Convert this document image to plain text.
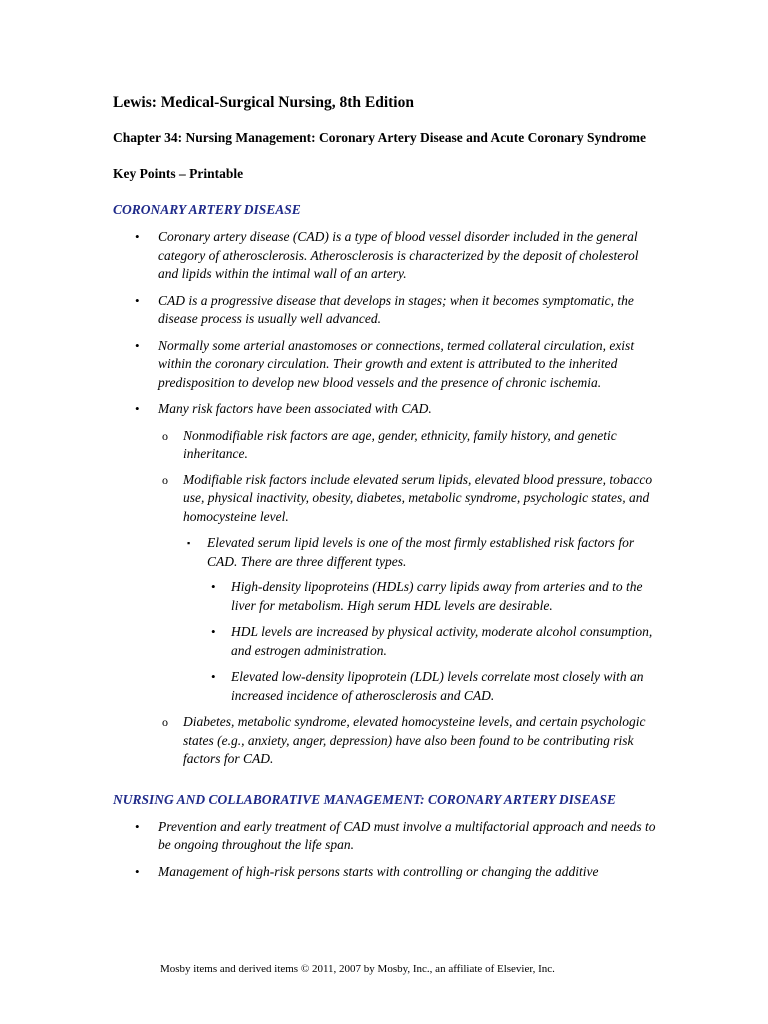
Lewis: Medical-Surgical Nursing, 8th Edition
Chapter 34: Nursing Management: Coronary Artery Disease and Acute Coronary Syndrome
Key Points – Printable
CORONARY ARTERY DISEASE
• Coronary artery disease (CAD) is a type of blood vessel disorder included in the general category of atherosclerosis. Atherosclerosis is characterized by the deposit of cholesterol and lipids within the intimal wall of an artery.
• CAD is a progressive disease that develops in stages; when it becomes symptomatic, the disease process is usually well advanced.
• Normally some arterial anastomoses or connections, termed collateral circulation, exist within the coronary circulation. Their growth and extent is attributed to the inherited predisposition to develop new blood vessels and the presence of chronic ischemia.
• Many risk factors have been associated with CAD.
o Nonmodifiable risk factors are age, gender, ethnicity, family history, and genetic inheritance.
o Modifiable risk factors include elevated serum lipids, elevated blood pressure, tobacco use, physical inactivity, obesity, diabetes, metabolic syndrome, psychologic states, and homocysteine level.
▪ Elevated serum lipid levels is one of the most firmly established risk factors for CAD. There are three different types.
• High-density lipoproteins (HDLs) carry lipids away from arteries and to the liver for metabolism. High serum HDL levels are desirable.
• HDL levels are increased by physical activity, moderate alcohol consumption, and estrogen administration.
• Elevated low-density lipoprotein (LDL) levels correlate most closely with an increased incidence of atherosclerosis and CAD.
o Diabetes, metabolic syndrome, elevated homocysteine levels, and certain psychologic states (e.g., anxiety, anger, depression) have also been found to be contributing risk factors for CAD.
NURSING AND COLLABORATIVE MANAGEMENT: CORONARY ARTERY DISEASE
• Prevention and early treatment of CAD must involve a multifactorial approach and needs to be ongoing throughout the life span.
• Management of high-risk persons starts with controlling or changing the additive
Mosby items and derived items © 2011, 2007 by Mosby, Inc., an affiliate of Elsevier, Inc.
